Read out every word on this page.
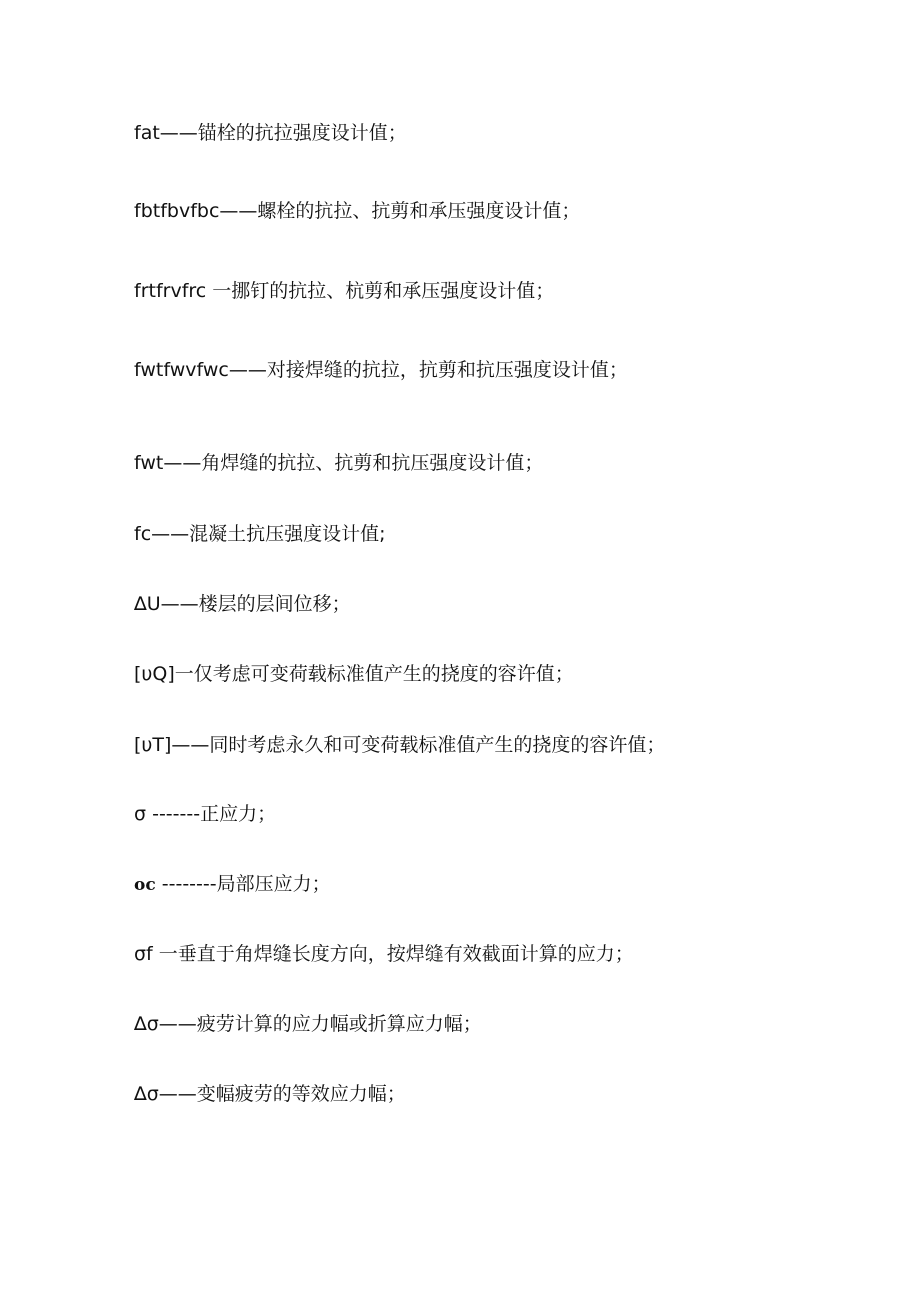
fat——锚栓的抗拉强度设计值；
fbtfbvfbc——螺栓的抗拉、抗剪和承压强度设计值；
frtfrvfrc 一挪钉的抗拉、杭剪和承压强度设计值；
fwtfwvfwc——对接焊缝的抗拉，抗剪和抗压强度设计值；
fwt——角焊缝的抗拉、抗剪和抗压强度设计值；
fc——混凝土抗压强度设计值;
∆U——楼层的层间位移；
[υQ]一仅考虑可变荷载标准值产生的挠度的容许值；
[υT]——同时考虑永久和可变荷载标准值产生的挠度的容许值；
σ -------正应力；
oc --------局部压应力；
σf 一垂直于角焊缝长度方向，按焊缝有效截面计算的应力；
∆σ——疲劳计算的应力幅或折算应力幅；
∆σ——变幅疲劳的等效应力幅；
